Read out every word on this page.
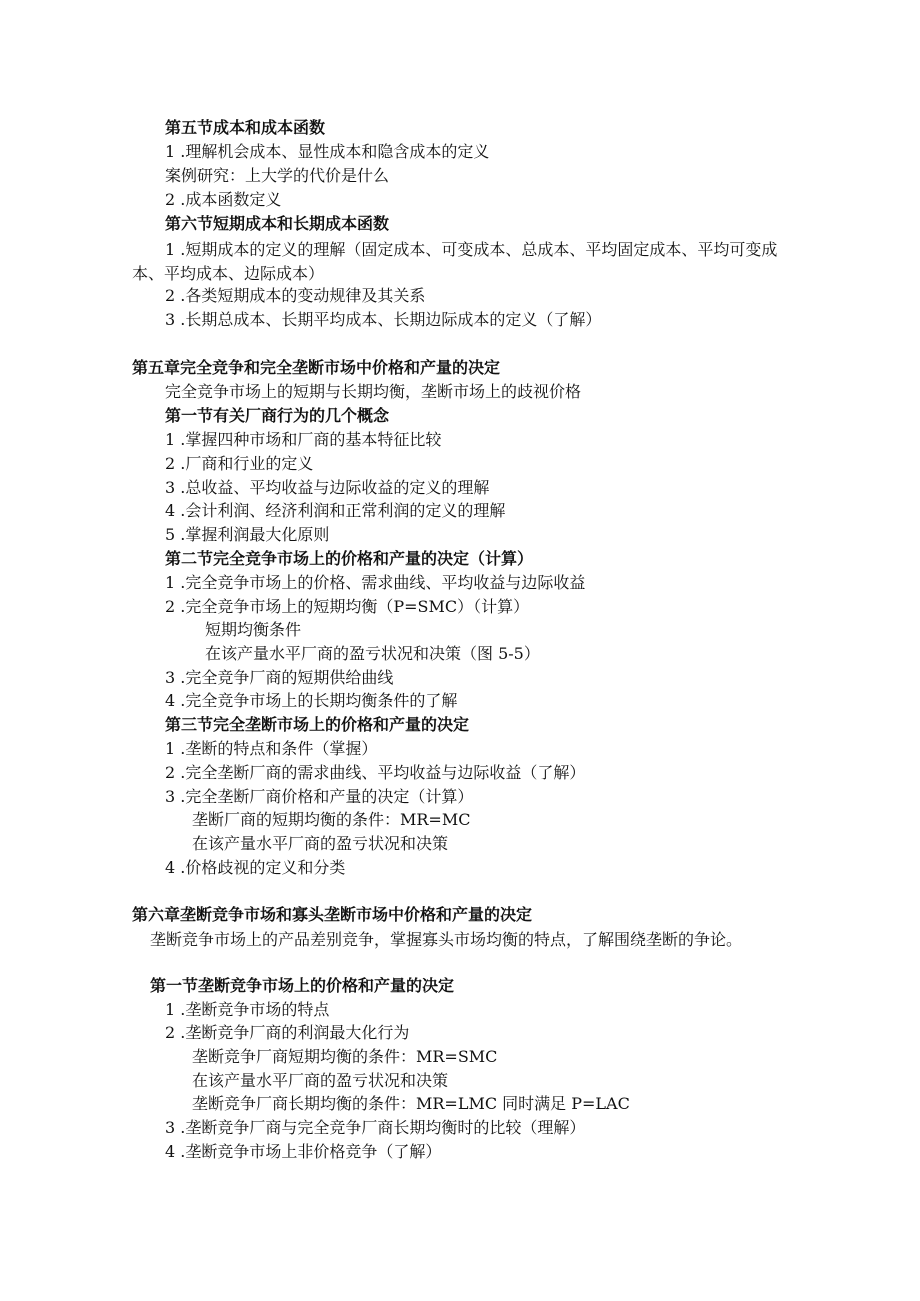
第五节成本和成本函数
1 .理解机会成本、显性成本和隐含成本的定义
案例研究：上大学的代价是什么
2 .成本函数定义
第六节短期成本和长期成本函数
1 .短期成本的定义的理解（固定成本、可变成本、总成本、平均固定成本、平均可变成本、平均成本、边际成本）
2 .各类短期成本的变动规律及其关系
3 .长期总成本、长期平均成本、长期边际成本的定义（了解）
第五章完全竞争和完全垄断市场中价格和产量的决定
完全竞争市场上的短期与长期均衡，垄断市场上的歧视价格
第一节有关厂商行为的几个概念
1 .掌握四种市场和厂商的基本特征比较
2 .厂商和行业的定义
3 .总收益、平均收益与边际收益的定义的理解
4 .会计利润、经济利润和正常利润的定义的理解
5 .掌握利润最大化原则
第二节完全竞争市场上的价格和产量的决定（计算）
1 .完全竞争市场上的价格、需求曲线、平均收益与边际收益
2 .完全竞争市场上的短期均衡（P=SMC）（计算）
短期均衡条件
在该产量水平厂商的盈亏状况和决策（图 5-5）
3 .完全竞争厂商的短期供给曲线
4 .完全竞争市场上的长期均衡条件的了解
第三节完全垄断市场上的价格和产量的决定
1 .垄断的特点和条件（掌握）
2 .完全垄断厂商的需求曲线、平均收益与边际收益（了解）
3 .完全垄断厂商价格和产量的决定（计算）
垄断厂商的短期均衡的条件：MR=MC
在该产量水平厂商的盈亏状况和决策
4 .价格歧视的定义和分类
第六章垄断竞争市场和寡头垄断市场中价格和产量的决定
垄断竞争市场上的产品差别竞争，掌握寡头市场均衡的特点，了解围绕垄断的争论。
第一节垄断竞争市场上的价格和产量的决定
1 .垄断竞争市场的特点
2 .垄断竞争厂商的利润最大化行为
垄断竞争厂商短期均衡的条件：MR=SMC
在该产量水平厂商的盈亏状况和决策
垄断竞争厂商长期均衡的条件：MR=LMC 同时满足 P=LAC
3 .垄断竞争厂商与完全竞争厂商长期均衡时的比较（理解）
4 .垄断竞争市场上非价格竞争（了解）
